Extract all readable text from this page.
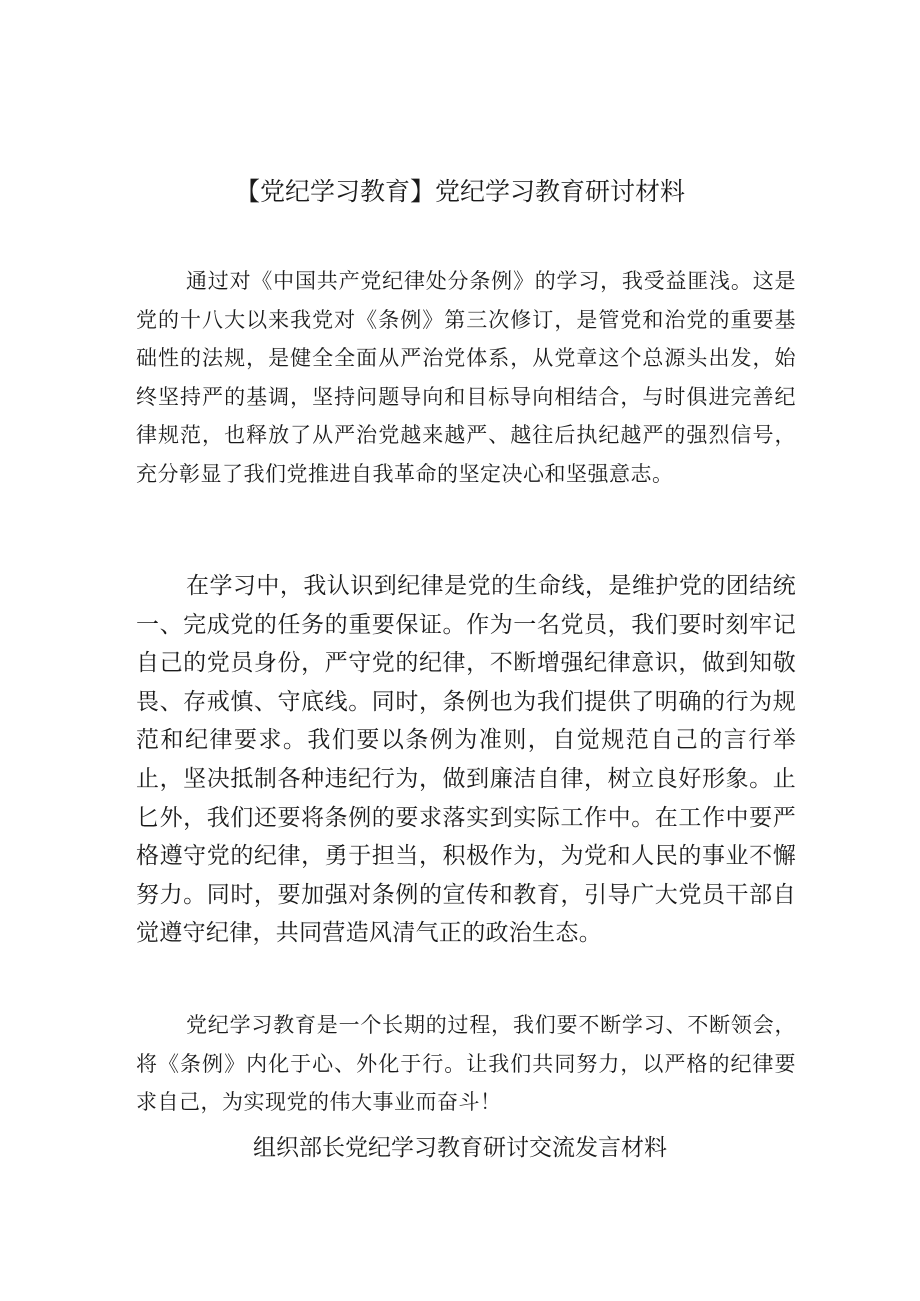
【党纪学习教育】党纪学习教育研讨材料

通过对《中国共产党纪律处分条例》的学习，我受益匪浅。这是党的十八大以来我党对《条例》第三次修订，是管党和治党的重要基础性的法规，是健全全面从严治党体系，从党章这个总源头出发，始终坚持严的基调，坚持问题导向和目标导向相结合，与时俱进完善纪律规范，也释放了从严治党越来越严、越往后执纪越严的强烈信号，充分彰显了我们党推进自我革命的坚定决心和坚强意志。

在学习中，我认识到纪律是党的生命线，是维护党的团结统一、完成党的任务的重要保证。作为一名党员，我们要时刻牢记自己的党员身份，严守党的纪律，不断增强纪律意识，做到知敬畏、存戒慎、守底线。同时，条例也为我们提供了明确的行为规范和纪律要求。我们要以条例为准则，自觉规范自己的言行举止，坚决抵制各种违纪行为，做到廉洁自律，树立良好形象。止匕外，我们还要将条例的要求落实到实际工作中。在工作中要严格遵守党的纪律，勇于担当，积极作为，为党和人民的事业不懈努力。同时，要加强对条例的宣传和教育，引导广大党员干部自觉遵守纪律，共同营造风清气正的政治生态。

党纪学习教育是一个长期的过程，我们要不断学习、不断领会，将《条例》内化于心、外化于行。让我们共同努力，以严格的纪律要求自己，为实现党的伟大事业而奋斗！

组织部长党纪学习教育研讨交流发言材料
